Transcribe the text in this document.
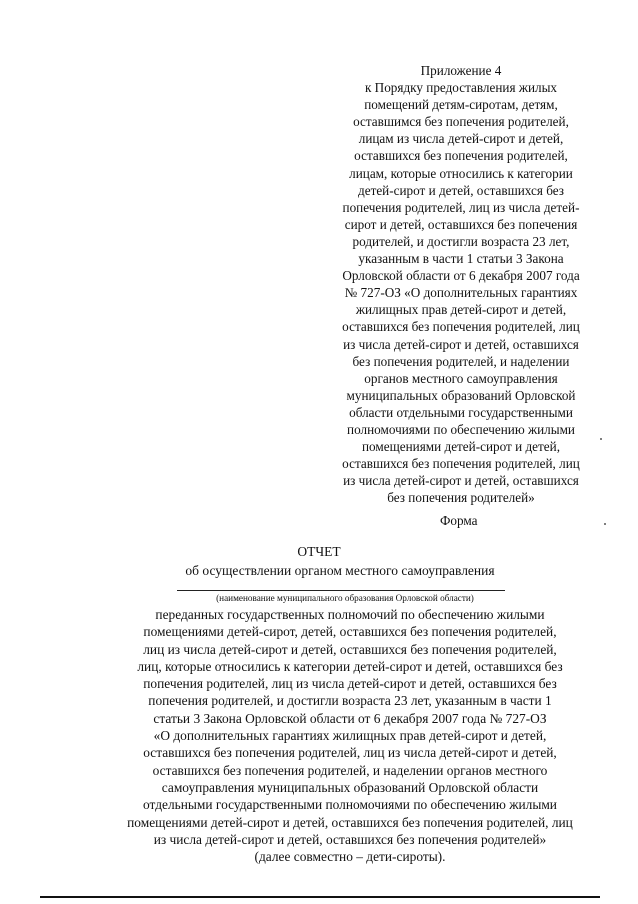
Приложение 4
к Порядку предоставления жилых
помещений детям-сиротам, детям,
оставшимся без попечения родителей,
лицам из числа детей-сирот и детей,
оставшихся без попечения родителей,
лицам, которые относились к категории
детей-сирот и детей, оставшихся без
попечения родителей, лиц из числа детей-
сирот и детей, оставшихся без попечения
родителей, и достигли возраста 23 лет,
указанным в части 1 статьи 3 Закона
Орловской области от 6 декабря 2007 года
№ 727-ОЗ «О дополнительных гарантиях
жилищных прав детей-сирот и детей,
оставшихся без попечения родителей, лиц
из числа детей-сирот и детей, оставшихся
без попечения родителей, и наделении
органов местного самоуправления
муниципальных образований Орловской
области отдельными государственными
полномочиями по обеспечению жилыми
помещениями детей-сирот и детей,
оставшихся без попечения родителей, лиц
из числа детей-сирот и детей, оставшихся
без попечения родителей»
Форма
ОТЧЕТ
об осуществлении органом местного самоуправления
(наименование муниципального образования Орловской области)
переданных государственных полномочий по обеспечению жилыми
помещениями детей-сирот, детей, оставшихся без попечения родителей,
лиц из числа детей-сирот и детей, оставшихся без попечения родителей,
лиц, которые относились к категории детей-сирот и детей, оставшихся без
попечения родителей, лиц из числа детей-сирот и детей, оставшихся без
попечения родителей, и достигли возраста 23 лет, указанным в части 1
статьи 3 Закона Орловской области от 6 декабря 2007 года № 727-ОЗ
«О дополнительных гарантиях жилищных прав детей-сирот и детей,
оставшихся без попечения родителей, лиц из числа детей-сирот и детей,
оставшихся без попечения родителей, и наделении органов местного
самоуправления муниципальных образований Орловской области
отдельными государственными полномочиями по обеспечению жилыми
помещениями детей-сирот и детей, оставшихся без попечения родителей, лиц
из числа детей-сирот и детей, оставшихся без попечения родителей»
(далее совместно – дети-сироты).
